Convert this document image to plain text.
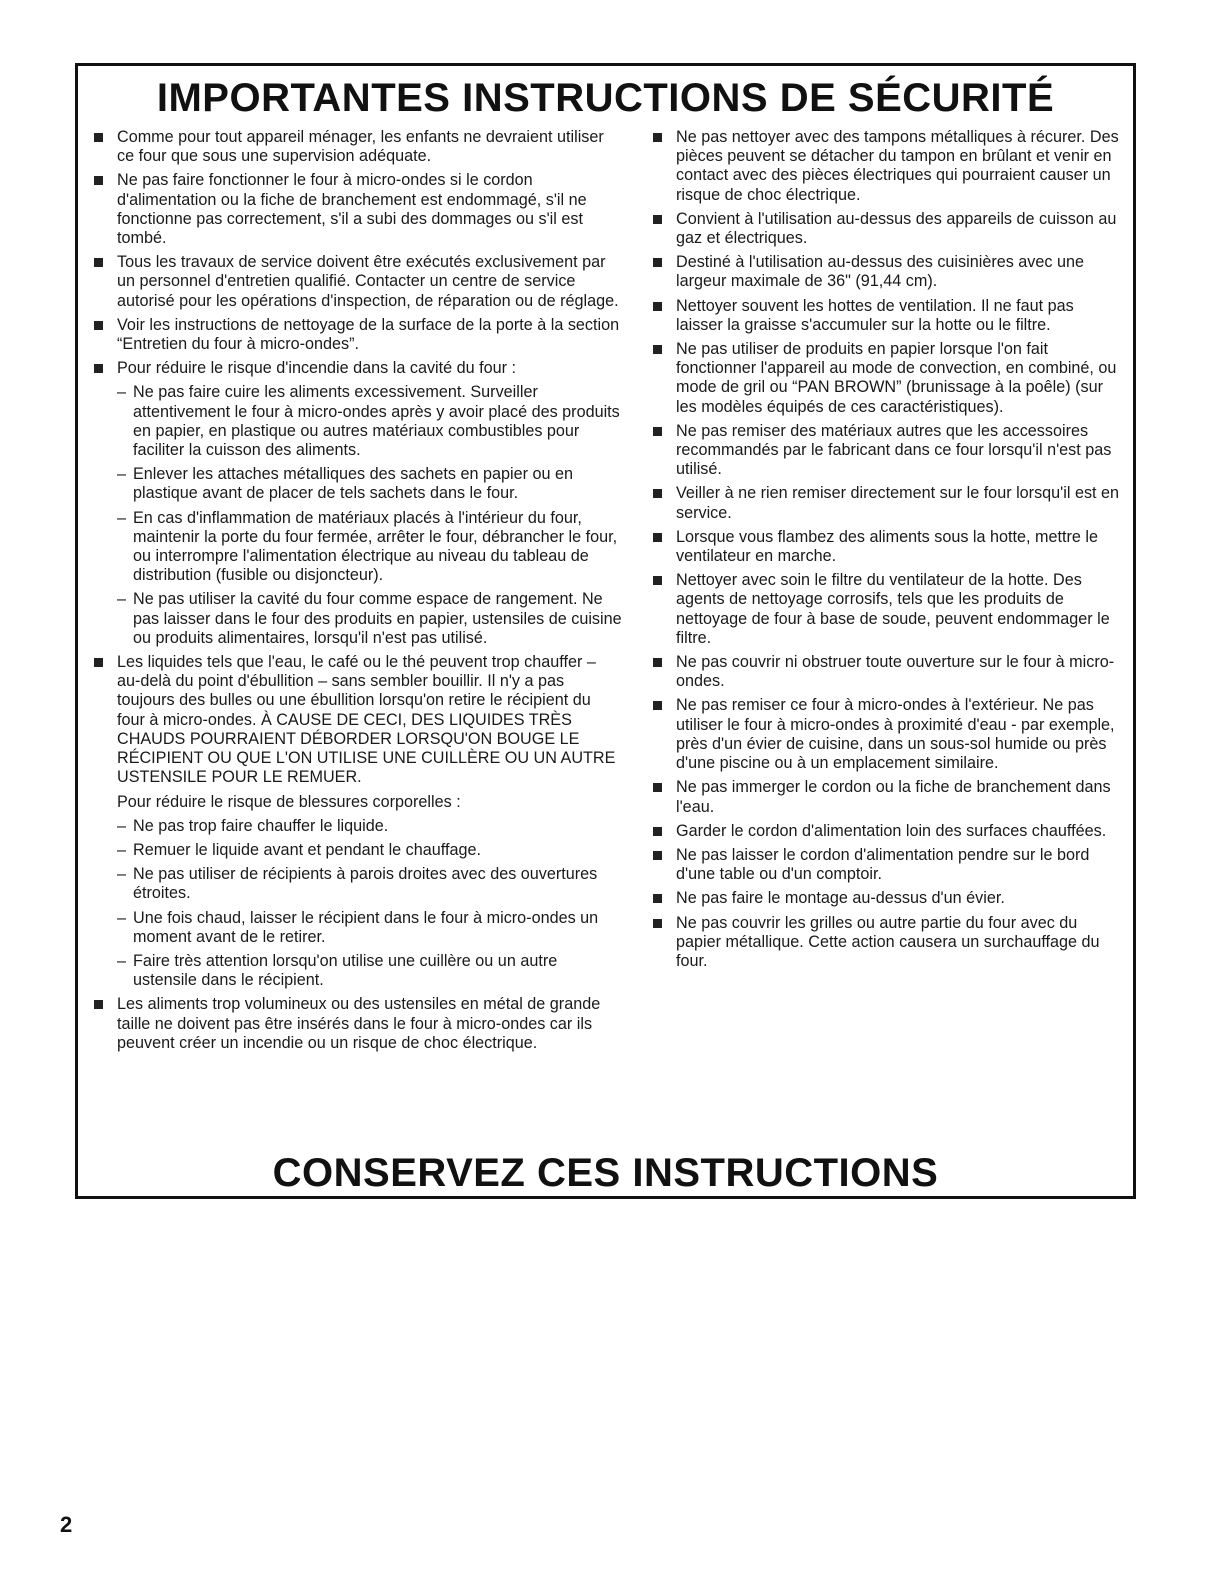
IMPORTANTES INSTRUCTIONS DE SÉCURITÉ
Comme pour tout appareil ménager, les enfants ne devraient utiliser ce four que sous une supervision adéquate.
Ne pas faire fonctionner le four à micro-ondes si le cordon d'alimentation ou la fiche de branchement est endommagé, s'il ne fonctionne pas correctement, s'il a subi des dommages ou s'il est tombé.
Tous les travaux de service doivent être exécutés exclusivement par un personnel d'entretien qualifié. Contacter un centre de service autorisé pour les opérations d'inspection, de réparation ou de réglage.
Voir les instructions de nettoyage de la surface de la porte à la section “Entretien du four à micro-ondes”.
Pour réduire le risque d'incendie dans la cavité du four :
– Ne pas faire cuire les aliments excessivement. Surveiller attentivement le four à micro-ondes après y avoir placé des produits en papier, en plastique ou autres matériaux combustibles pour faciliter la cuisson des aliments.
– Enlever les attaches métalliques des sachets en papier ou en plastique avant de placer de tels sachets dans le four.
– En cas d'inflammation de matériaux placés à l'intérieur du four, maintenir la porte du four fermée, arrêter le four, débrancher le four, ou interrompre l'alimentation électrique au niveau du tableau de distribution (fusible ou disjoncteur).
– Ne pas utiliser la cavité du four comme espace de rangement. Ne pas laisser dans le four des produits en papier, ustensiles de cuisine ou produits alimentaires, lorsqu'il n'est pas utilisé.
Les liquides tels que l'eau, le café ou le thé peuvent trop chauffer – au-delà du point d'ébullition – sans sembler bouillir. Il n'y a pas toujours des bulles ou une ébullition lorsqu'on retire le récipient du four à micro-ondes. À CAUSE DE CECI, DES LIQUIDES TRÈS CHAUDS POURRAIENT DÉBORDER LORSQU'ON BOUGE LE RÉCIPIENT OU QUE L'ON UTILISE UNE CUILLÈRE OU UN AUTRE USTENSILE POUR LE REMUER.
Pour réduire le risque de blessures corporelles :
– Ne pas trop faire chauffer le liquide.
– Remuer le liquide avant et pendant le chauffage.
– Ne pas utiliser de récipients à parois droites avec des ouvertures étroites.
– Une fois chaud, laisser le récipient dans le four à micro-ondes un moment avant de le retirer.
– Faire très attention lorsqu'on utilise une cuillère ou un autre ustensile dans le récipient.
Les aliments trop volumineux ou des ustensiles en métal de grande taille ne doivent pas être insérés dans le four à micro-ondes car ils peuvent créer un incendie ou un risque de choc électrique.
Ne pas nettoyer avec des tampons métalliques à récurer. Des pièces peuvent se détacher du tampon en brûlant et venir en contact avec des pièces électriques qui pourraient causer un risque de choc électrique.
Convient à l'utilisation au-dessus des appareils de cuisson au gaz et électriques.
Destiné à l'utilisation au-dessus des cuisinières avec une largeur maximale de 36" (91,44 cm).
Nettoyer souvent les hottes de ventilation. Il ne faut pas laisser la graisse s'accumuler sur la hotte ou le filtre.
Ne pas utiliser de produits en papier lorsque l'on fait fonctionner l'appareil au mode de convection, en combiné, ou mode de gril ou “PAN BROWN” (brunissage à la poêle) (sur les modèles équipés de ces caractéristiques).
Ne pas remiser des matériaux autres que les accessoires recommandés par le fabricant dans ce four lorsqu'il n'est pas utilisé.
Veiller à ne rien remiser directement sur le four lorsqu'il est en service.
Lorsque vous flambez des aliments sous la hotte, mettre le ventilateur en marche.
Nettoyer avec soin le filtre du ventilateur de la hotte. Des agents de nettoyage corrosifs, tels que les produits de nettoyage de four à base de soude, peuvent endommager le filtre.
Ne pas couvrir ni obstruer toute ouverture sur le four à micro-ondes.
Ne pas remiser ce four à micro-ondes à l'extérieur. Ne pas utiliser le four à micro-ondes à proximité d'eau - par exemple, près d'un évier de cuisine, dans un sous-sol humide ou près d'une piscine ou à un emplacement similaire.
Ne pas immerger le cordon ou la fiche de branchement dans l'eau.
Garder le cordon d'alimentation loin des surfaces chauffées.
Ne pas laisser le cordon d'alimentation pendre sur le bord d'une table ou d'un comptoir.
Ne pas faire le montage au-dessus d'un évier.
Ne pas couvrir les grilles ou autre partie du four avec du papier métallique. Cette action causera un surchauffage du four.
CONSERVEZ CES INSTRUCTIONS
2
